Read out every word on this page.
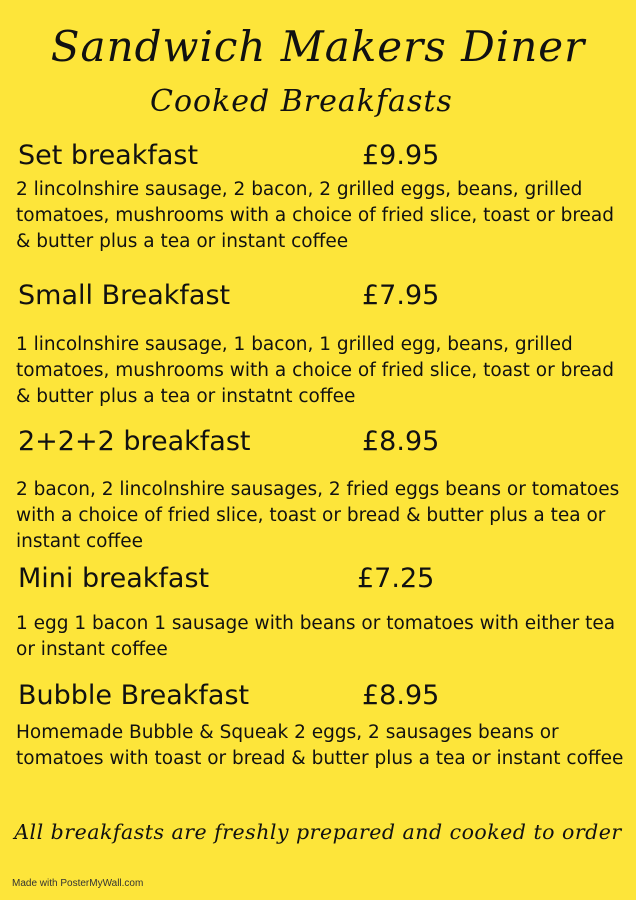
Sandwich Makers Diner
Cooked Breakfasts
Set breakfast	£9.95
2 lincolnshire sausage, 2 bacon, 2 grilled eggs, beans, grilled tomatoes, mushrooms with a choice of fried slice, toast or bread & butter plus a tea or instant coffee
Small Breakfast	£7.95
1 lincolnshire sausage, 1 bacon, 1 grilled egg, beans, grilled tomatoes, mushrooms with a choice of fried slice, toast or bread & butter plus a tea or instatnt coffee
2+2+2 breakfast	£8.95
2 bacon, 2 lincolnshire sausages, 2 fried eggs beans or tomatoes with a choice of fried slice, toast or bread & butter plus a tea or instant coffee
Mini breakfast	£7.25
1 egg 1 bacon 1 sausage with beans or tomatoes with either tea or instant coffee
Bubble Breakfast	£8.95
Homemade Bubble & Squeak 2 eggs, 2 sausages beans or tomatoes with toast or bread & butter plus a tea or instant coffee
All breakfasts are freshly prepared and cooked to order
Made with PosterMyWall.com
